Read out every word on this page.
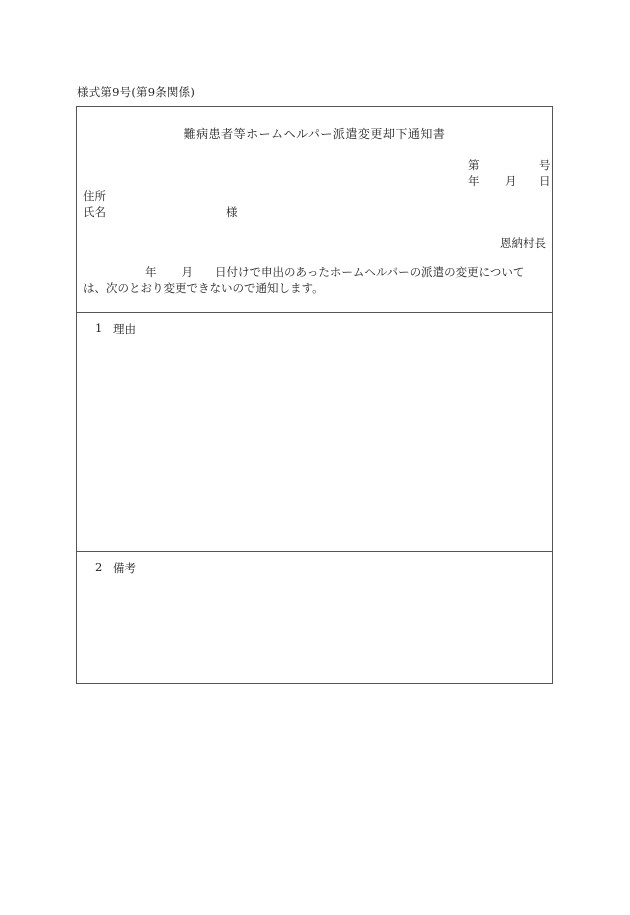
様式第9号(第9条関係)
難病患者等ホームヘルパー派遣変更却下通知書
第	号
年 月 日
住所
氏名	様
恩納村長
年 月 日付けで申出のあったホームヘルパーの派遣の変更については、次のとおり変更できないので通知します。
1 理由
2 備考
